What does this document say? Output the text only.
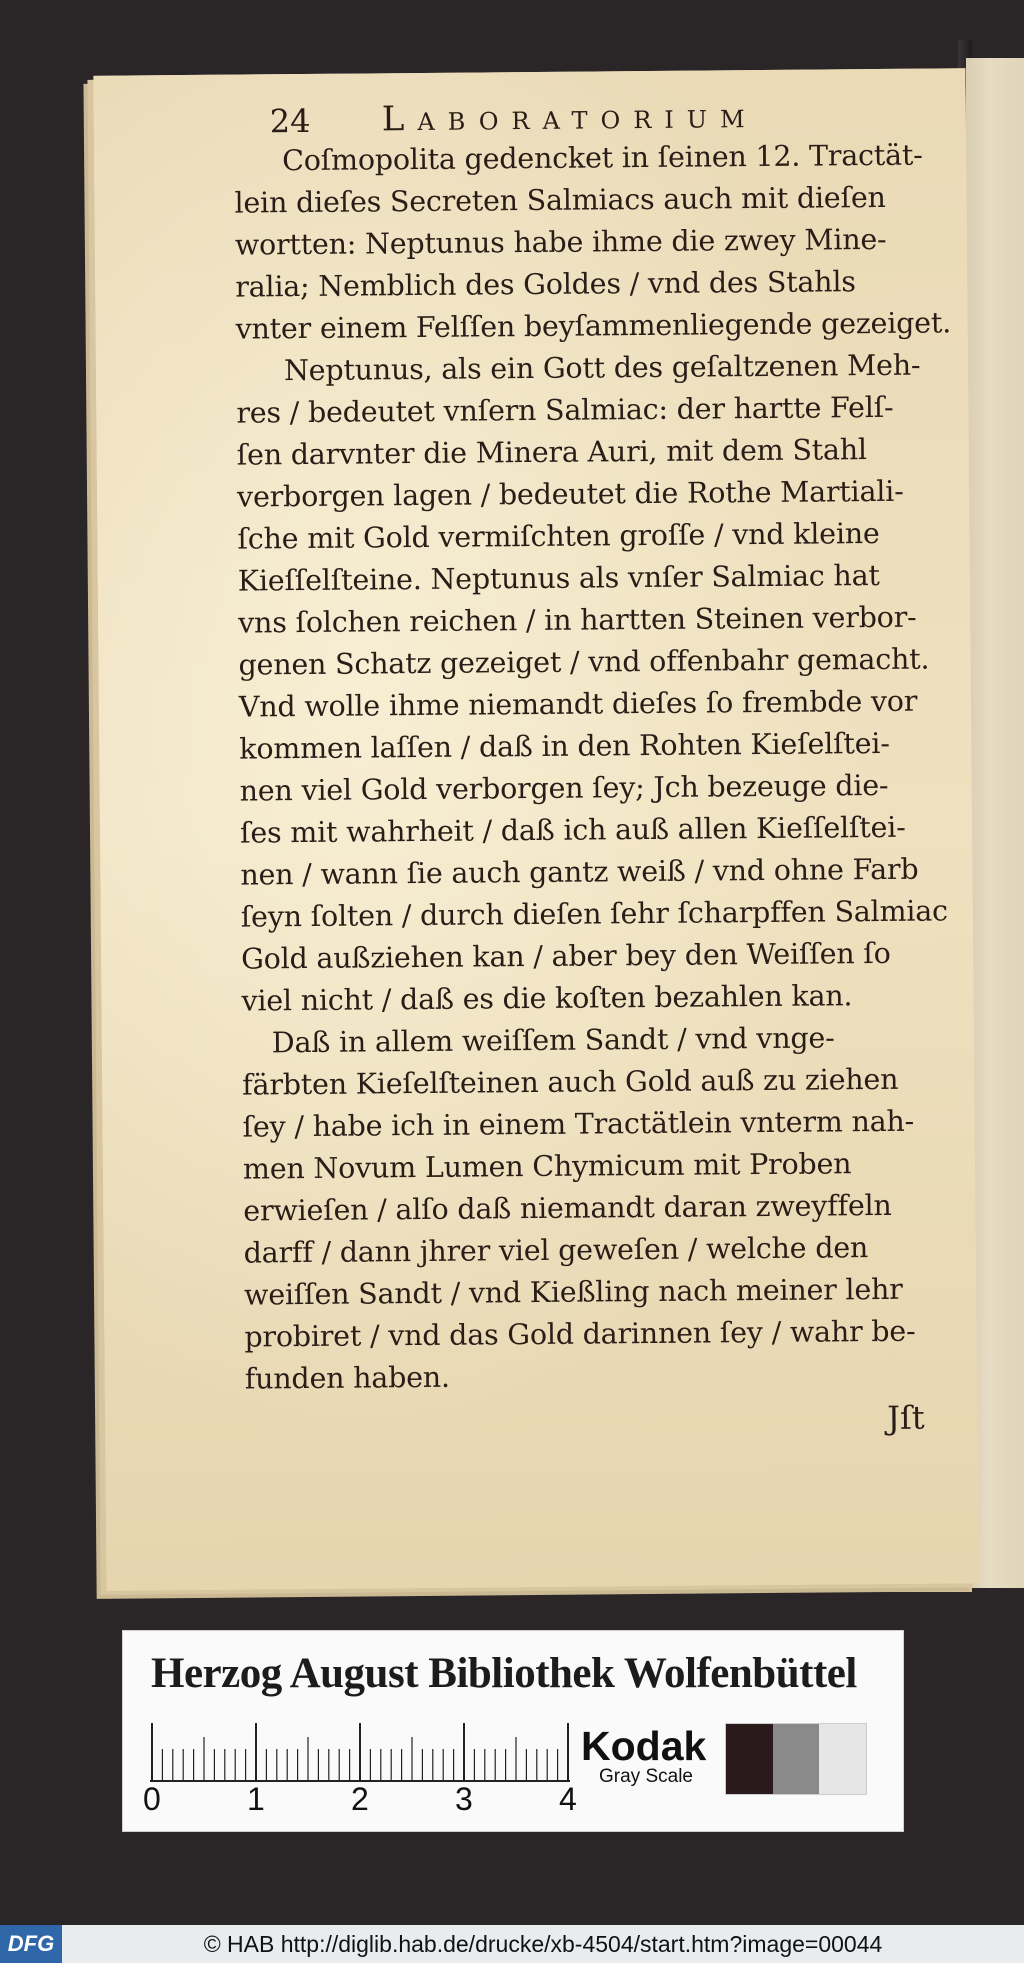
24 Laboratorium
Coſmopolita gedencket in ſeinen 12. Tractät-
lein dieſes Secreten Salmiacs auch mit dieſen
wortten: Neptunus habe ihme die zwey Mine-
ralia; Nemblich des Goldes / vnd des Stahls
vnter einem Felſſen beyſammenliegende gezeiget.
Neptunus, als ein Gott des geſaltzenen Meh-
res / bedeutet vnſern Salmiac: der hartte Felſ-
ſen darvnter die Minera Auri, mit dem Stahl
verborgen lagen / bedeutet die Rothe Martiali-
ſche mit Gold vermiſchten groſſe / vnd kleine
Kieſſelſteine. Neptunus als vnſer Salmiac hat
vns ſolchen reichen / in hartten Steinen verbor-
genen Schatz gezeiget / vnd offenbahr gemacht.
Vnd wolle ihme niemandt dieſes ſo frembde vor
kommen laſſen / daß in den Rohten Kieſelſtei-
nen viel Gold verborgen ſey; Jch bezeuge die-
ſes mit wahrheit / daß ich auß allen Kieſſelſtei-
nen / wann ſie auch gantz weiß / vnd ohne Farb
ſeyn ſolten / durch dieſen ſehr ſcharpffen Salmiac
Gold außziehen kan / aber bey den Weiſſen ſo
viel nicht / daß es die koſten bezahlen kan.
Daß in allem weiſſem Sandt / vnd vnge-
färbten Kieſelſteinen auch Gold auß zu ziehen
ſey / habe ich in einem Tractätlein vnterm nah-
men Novum Lumen Chymicum mit Proben
erwieſen / alſo daß niemandt daran zweyffeln
darff / dann jhrer viel geweſen / welche den
weiſſen Sandt / vnd Kießling nach meiner lehr
probiret / vnd das Gold darinnen ſey / wahr be-
funden haben.
Jſt
Herzog August Bibliothek Wolfenbüttel
0	1	2	3	4
Kodak
Gray Scale
DFG	© HAB http://diglib.hab.de/drucke/xb-4504/start.htm?image=00044
